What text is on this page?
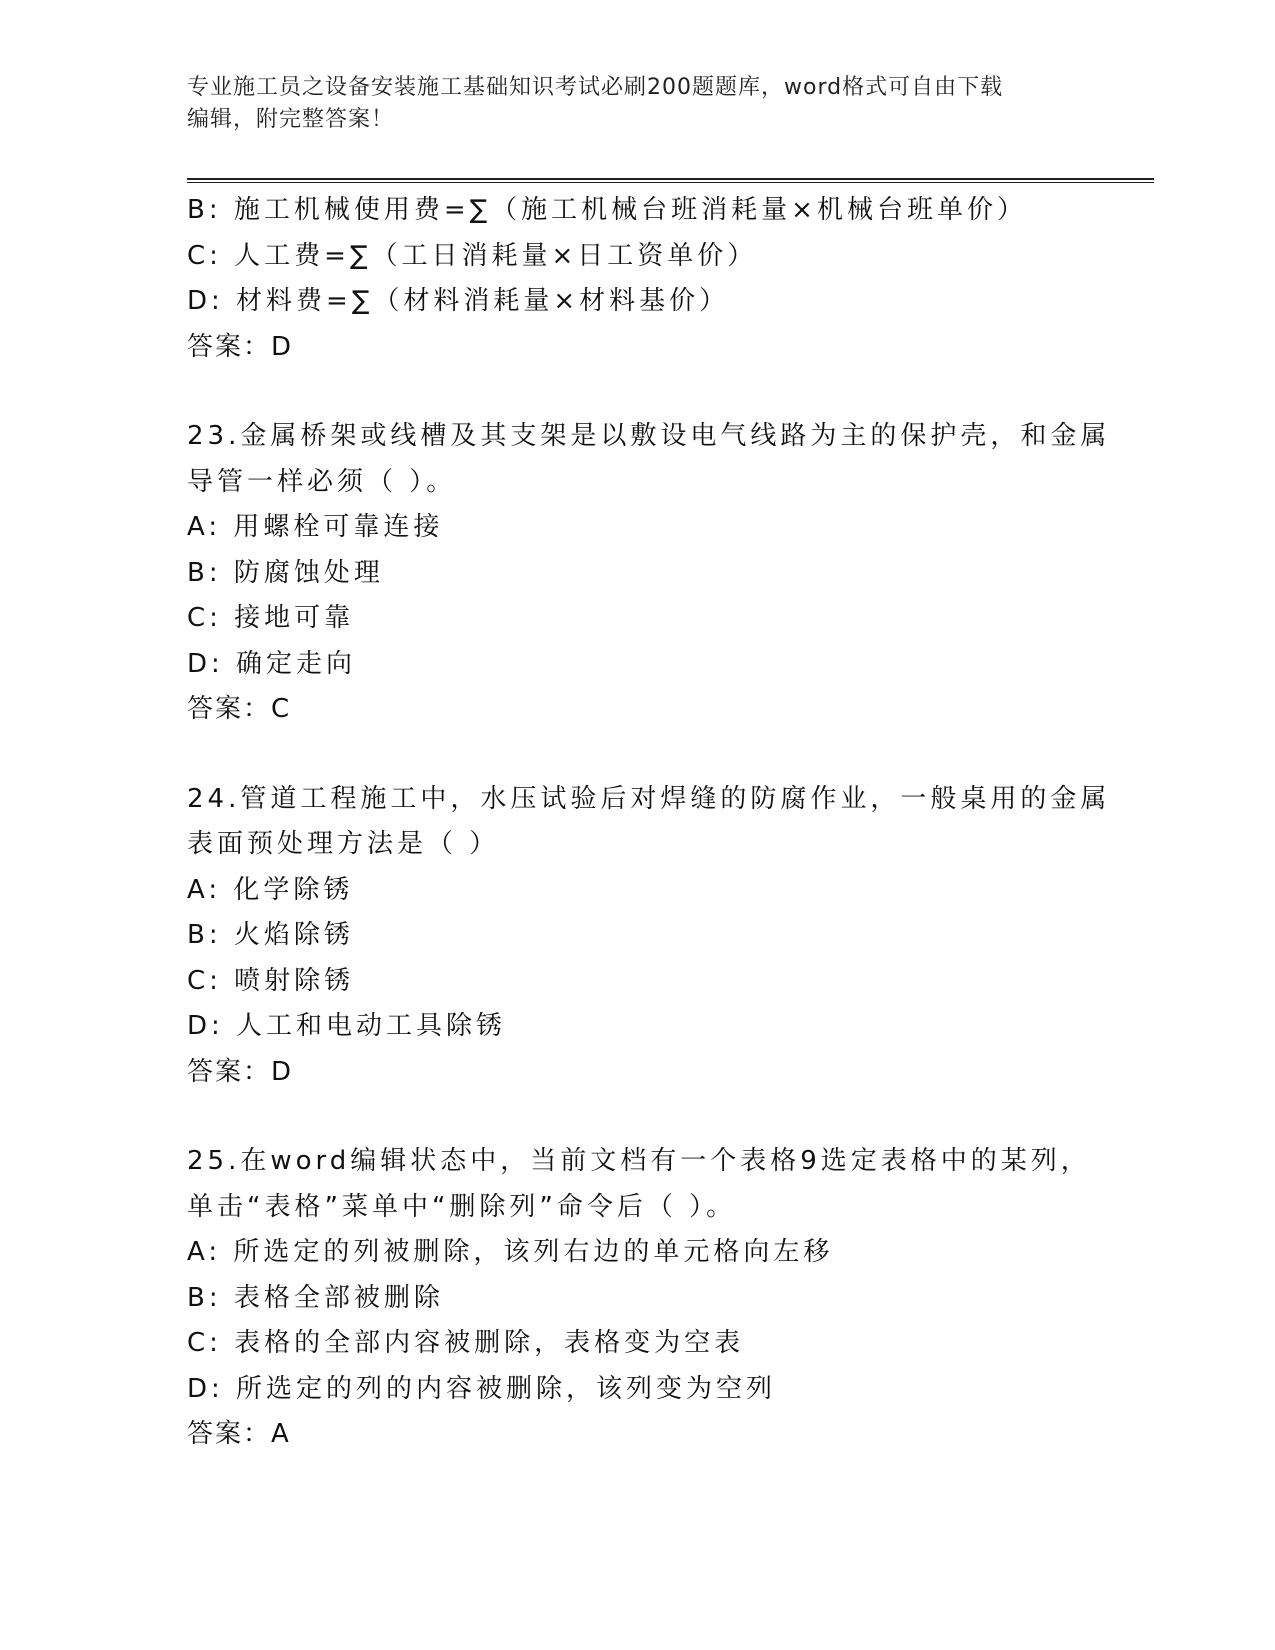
专业施工员之设备安装施工基础知识考试必刷200题题库，word格式可自由下载
编辑，附完整答案！
B: 施工机械使用费=∑（施工机械台班消耗量×机械台班单价）
C: 人工费=∑（工日消耗量×日工资单价）
D: 材料费=∑（材料消耗量×材料基价）
答案：D
23.金属桥架或线槽及其支架是以敷设电气线路为主的保护壳，和金属
导管一样必须（ ）。
A: 用螺栓可靠连接
B: 防腐蚀处理
C: 接地可靠
D: 确定走向
答案：C
24.管道工程施工中，水压试验后对焊缝的防腐作业，一般桌用的金属
表面预处理方法是（ ）
A: 化学除锈
B: 火焰除锈
C: 喷射除锈
D: 人工和电动工具除锈
答案：D
25.在word编辑状态中，当前文档有一个表格9选定表格中的某列，
单击“表格”菜单中“删除列”命令后（ ）。
A: 所选定的列被删除，该列右边的单元格向左移
B: 表格全部被删除
C: 表格的全部内容被删除，表格变为空表
D: 所选定的列的内容被删除，该列变为空列
答案：A
